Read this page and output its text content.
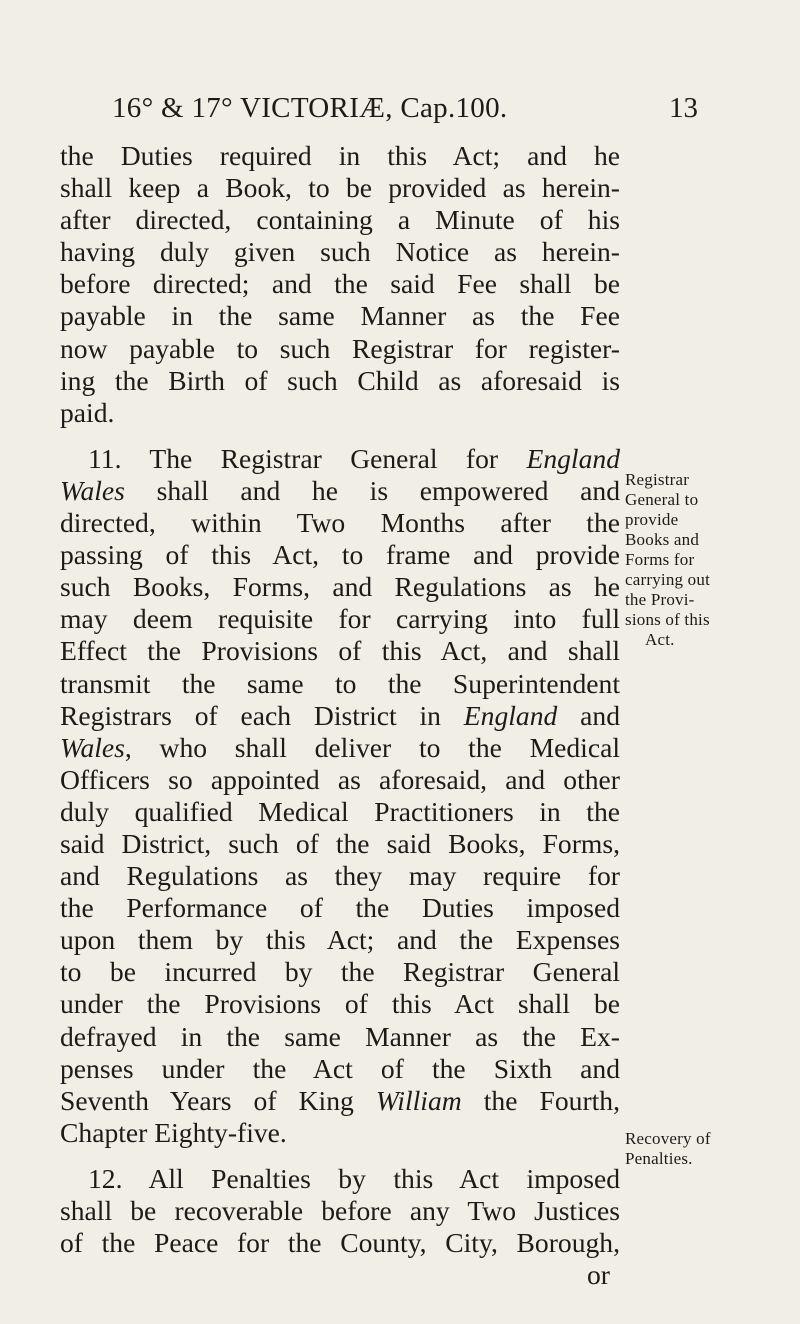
16° & 17° VICTORIÆ, Cap.100.	13
the Duties required in this Act; and he
shall keep a Book, to be provided as herein-
after directed, containing a Minute of his
having duly given such Notice as herein-
before directed; and the said Fee shall be
payable in the same Manner as the Fee
now payable to such Registrar for register-
ing the Birth of such Child as aforesaid is
paid.
11. The Registrar General for England
Wales shall and he is empowered and
directed, within Two Months after the
passing of this Act, to frame and provide
such Books, Forms, and Regulations as he
may deem requisite for carrying into full
Effect the Provisions of this Act, and shall
transmit the same to the Superintendent
Registrars of each District in England and
Wales, who shall deliver to the Medical
Officers so appointed as aforesaid, and other
duly qualified Medical Practitioners in the
said District, such of the said Books, Forms,
and Regulations as they may require for
the Performance of the Duties imposed
upon them by this Act; and the Expenses
to be incurred by the Registrar General
under the Provisions of this Act shall be
defrayed in the same Manner as the Ex-
penses under the Act of the Sixth and
Seventh Years of King William the Fourth,
Chapter Eighty-five.
12. All Penalties by this Act imposed
shall be recoverable before any Two Justices
of the Peace for the County, City, Borough,
or
Registrar
General to
provide
Books and
Forms for
carrying out
the Provi-
sions of this
Act.
Recovery of
Penalties.
